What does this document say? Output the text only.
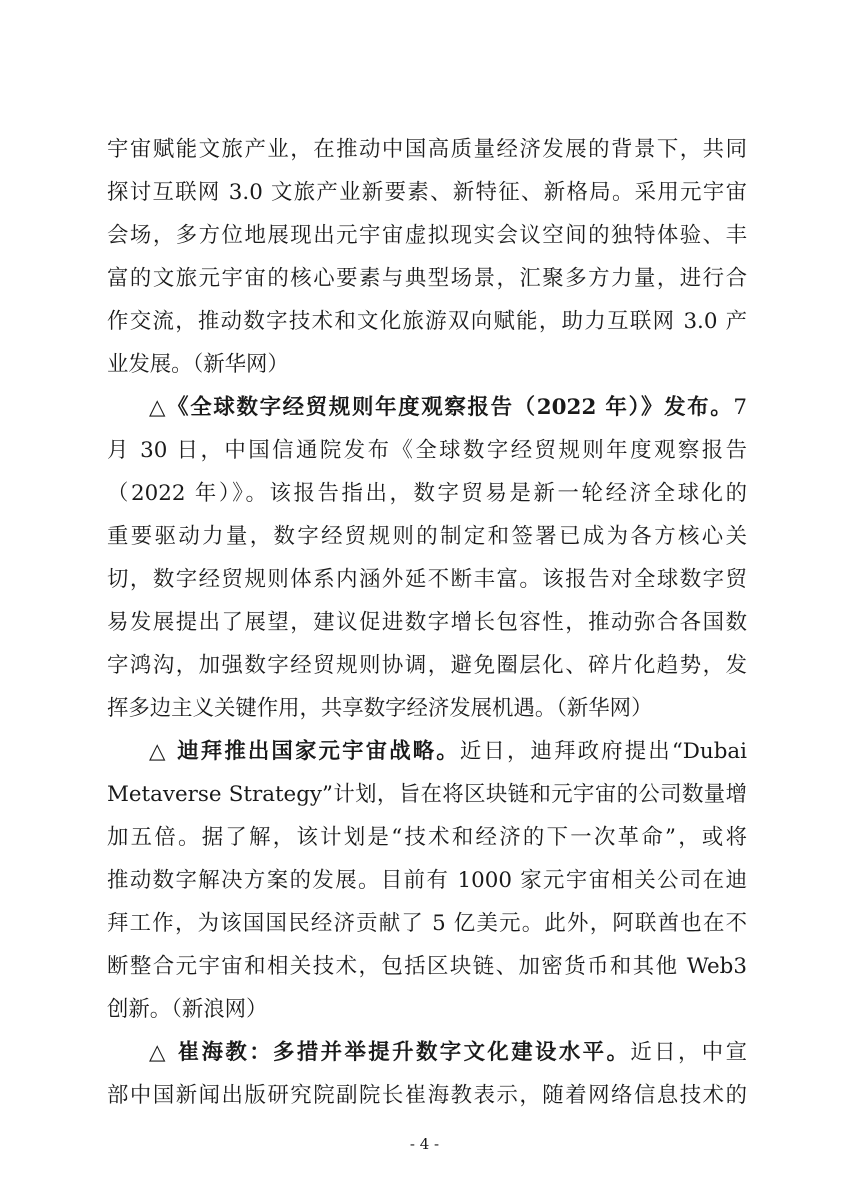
宇宙赋能文旅产业，在推动中国高质量经济发展的背景下，共同
探讨互联网 3.0 文旅产业新要素、新特征、新格局。采用元宇宙
会场，多方位地展现出元宇宙虚拟现实会议空间的独特体验、丰
富的文旅元宇宙的核心要素与典型场景，汇聚多方力量，进行合
作交流，推动数字技术和文化旅游双向赋能，助力互联网 3.0 产
业发展。（新华网）
△《全球数字经贸规则年度观察报告（2022 年）》发布。7
月 30 日，中国信通院发布《全球数字经贸规则年度观察报告
（2022 年）》。该报告指出，数字贸易是新一轮经济全球化的
重要驱动力量，数字经贸规则的制定和签署已成为各方核心关
切，数字经贸规则体系内涵外延不断丰富。该报告对全球数字贸
易发展提出了展望，建议促进数字增长包容性，推动弥合各国数
字鸿沟，加强数字经贸规则协调，避免圈层化、碎片化趋势，发
挥多边主义关键作用，共享数字经济发展机遇。（新华网）
△ 迪拜推出国家元宇宙战略。近日，迪拜政府提出“Dubai
Metaverse Strategy”计划，旨在将区块链和元宇宙的公司数量增
加五倍。据了解，该计划是“技术和经济的下一次革命”，或将
推动数字解决方案的发展。目前有 1000 家元宇宙相关公司在迪
拜工作，为该国国民经济贡献了 5 亿美元。此外，阿联酋也在不
断整合元宇宙和相关技术，包括区块链、加密货币和其他 Web3
创新。（新浪网）
△ 崔海教：多措并举提升数字文化建设水平。近日，中宣
部中国新闻出版研究院副院长崔海教表示，随着网络信息技术的
- 4 -
